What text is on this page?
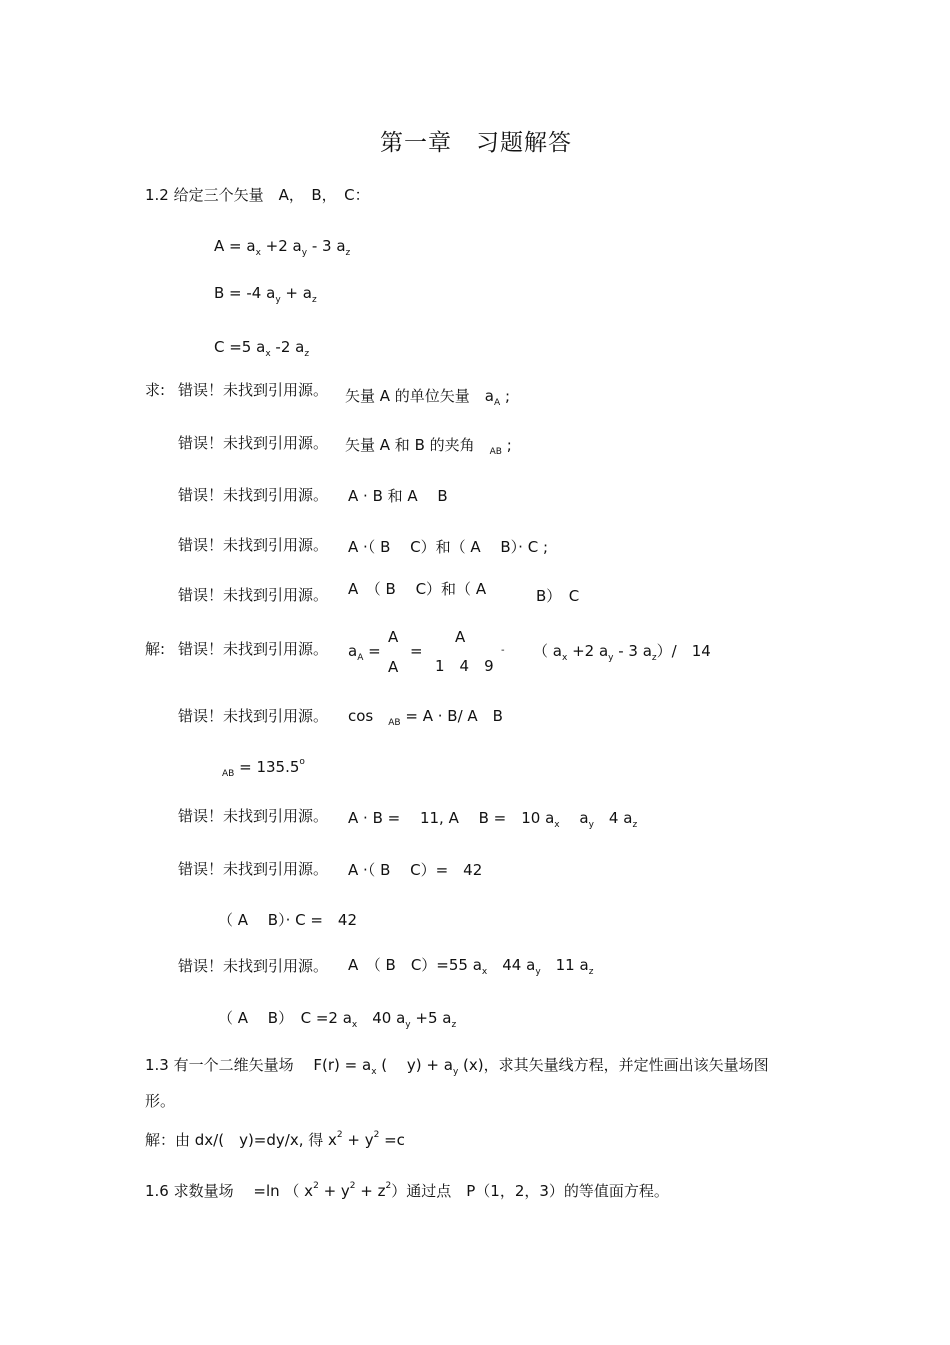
第一章　习题解答
1.2 给定三个矢量　A，　B，　C：
$A = a_x +2$ $a_y - 3$ $a_z$
B = -4 $a_y + a_z$
C =5 $a_x$ -2 $a_z$
求: 错误！未找到引用源。 矢量 A 的单位矢量　$a_A$ ;
错误！未找到引用源。 矢量 A 和 B 的夹角　 $_{AB}$ ;
错误！未找到引用源。 A · B 和 A　 B
错误！未找到引用源。 A ·（ B　 C）和（ A　 B）· C ;
错误！未找到引用源。 A　（ B　 C）和（ A	B）　C
解: 错误！未找到引用源。 $a_A$ =
A
A
=
A
1　4　9
- （ $a_x +2$ $a_y - 3$ $a_z)/$　14
错误！未找到引用源。 cos　 $_{AB}$ = A · B/ A　B
$_{AB} = 135.5^o$
错误！未找到引用源。 A · B =　 11, A　 B =　10 $a_x$　 $a_y$　4 $a_z$
错误！未找到引用源。 A ·（ B　 C）=　42
（ A　 B）· C =　42
错误！未找到引用源。 A　（ B　C）=55 $a_x$　44 $a_y$　11 $a_z$
（ A　 B）　C =2 $a_x$　40 $a_y +5$ $a_z$
1.3 有一个二维矢量场　 $F(r) = a_x$ (　 $y) + a_y$ (x)，求其矢量线方程，并定性画出该矢量场图
形。
解：由 dx/(　y)=dy/x, 得 $x^2 + y^2 =c$
1.6 求数量场　 =ln （ $x^2 + y^2 + z^2$）通过点　P（1，2，3）的等值面方程。
